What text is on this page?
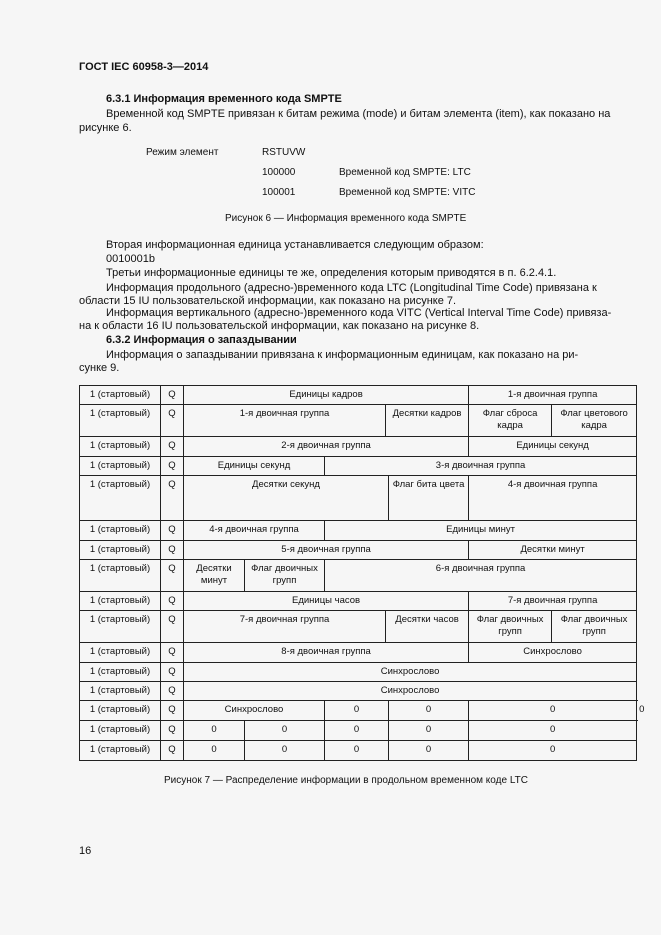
ГОСТ IEC 60958-3—2014
6.3.1 Информация временного кода SMPTE
Временной код SMPTE привязан к битам режима (mode) и битам элемента (item), как показано на
рисунке 6.
Режим элемент	RSTUVW
100000	Временной код SMPTE: LTC
100001	Временной код SMPTE: VITC
Рисунок 6 — Информация временного кода SMPTE
Вторая информационная единица устанавливается следующим образом:
0010001b
Третьи информационные единицы те же, определения которым приводятся в п. 6.2.4.1.
Информация продольного (адресно-)временного кода LTC (Longitudinal Time Code) привязана к
области 15 IU пользовательской информации, как показано на рисунке 7.
Информация вертикального (адресно-)временного кода VITC (Vertical Interval Time Code) привяза-
на к области 16 IU пользовательской информации, как показано на рисунке 8.
6.3.2 Информация о запаздывании
Информация о запаздывании привязана к информационным единицам, как показано на ри-
сунке 9.
1 (стартовый)	Q	Единицы кадров					1-я двоичная группа		
1 (стартовый)	Q	1-я двоичная группа			Десятки кадров		Флаг сброса кадра	Флаг цветового кадра	
1 (стартовый)	Q	2-я двоичная группа					Единицы секунд		
1 (стартовый)	Q	Единицы секунд		3-я двоичная группа					
1 (стартовый)	Q	Десятки секунд				Флаг бита цвета	4-я двоичная группа		
1 (стартовый)	Q	4-я двоичная группа		Единицы минут					
1 (стартовый)	Q	5-я двоичная группа					Десятки минут		
1 (стартовый)	Q	Десятки минут	Флаг двоичных групп	6-я двоичная группа					
1 (стартовый)	Q	Единицы часов					7-я двоичная группа		
1 (стартовый)	Q	7-я двоичная группа			Десятки часов		Флаг двоичных групп	Флаг двоичных групп	
1 (стартовый)	Q	8-я двоичная группа					Синхрослово		
1 (стартовый)	Q	Синхрослово							
1 (стартовый)	Q	Синхрослово							
1 (стартовый)	Q	Синхрослово		0		0	0		0
1 (стартовый)	Q	0	0	0		0	0		
1 (стартовый)	Q	0	0	0		0	0		
Рисунок 7 — Распределение информации в продольном временном коде LTC
16
